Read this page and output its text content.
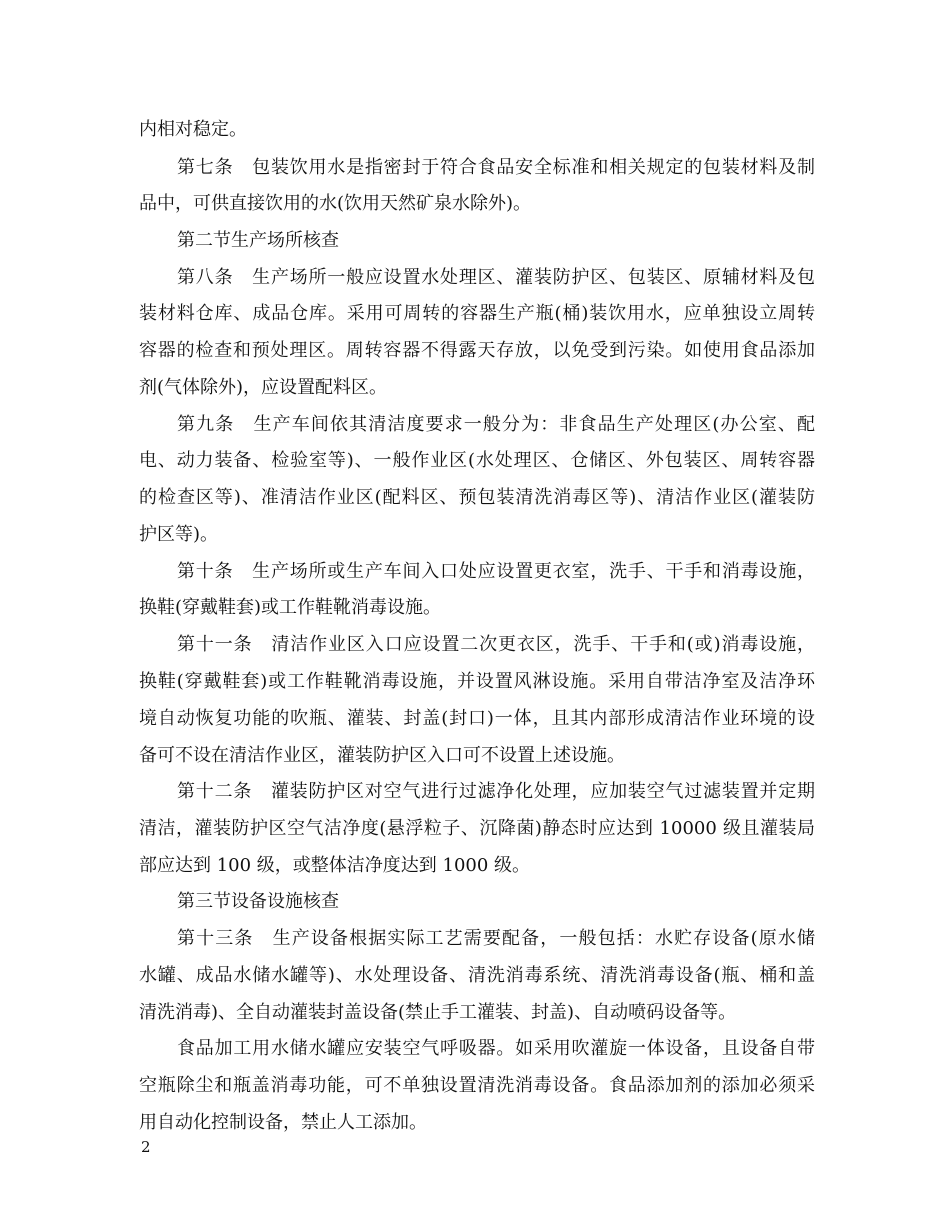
内相对稳定。
第七条　包装饮用水是指密封于符合食品安全标准和相关规定的包装材料及制
品中，可供直接饮用的水(饮用天然矿泉水除外)。
第二节生产场所核查
第八条　生产场所一般应设置水处理区、灌装防护区、包装区、原辅材料及包
装材料仓库、成品仓库。采用可周转的容器生产瓶(桶)装饮用水，应单独设立周转
容器的检查和预处理区。周转容器不得露天存放，以免受到污染。如使用食品添加
剂(气体除外)，应设置配料区。
第九条　生产车间依其清洁度要求一般分为：非食品生产处理区(办公室、配
电、动力装备、检验室等)、一般作业区(水处理区、仓储区、外包装区、周转容器
的检查区等)、准清洁作业区(配料区、预包装清洗消毒区等)、清洁作业区(灌装防
护区等)。
第十条　生产场所或生产车间入口处应设置更衣室，洗手、干手和消毒设施，
换鞋(穿戴鞋套)或工作鞋靴消毒设施。
第十一条　清洁作业区入口应设置二次更衣区，洗手、干手和(或)消毒设施，
换鞋(穿戴鞋套)或工作鞋靴消毒设施，并设置风淋设施。采用自带洁净室及洁净环
境自动恢复功能的吹瓶、灌装、封盖(封口)一体，且其内部形成清洁作业环境的设
备可不设在清洁作业区，灌装防护区入口可不设置上述设施。
第十二条　灌装防护区对空气进行过滤净化处理，应加装空气过滤装置并定期
清洁，灌装防护区空气洁净度(悬浮粒子、沉降菌)静态时应达到 10000 级且灌装局
部应达到 100 级，或整体洁净度达到 1000 级。
第三节设备设施核查
第十三条　生产设备根据实际工艺需要配备，一般包括：水贮存设备(原水储
水罐、成品水储水罐等)、水处理设备、清洗消毒系统、清洗消毒设备(瓶、桶和盖
清洗消毒)、全自动灌装封盖设备(禁止手工灌装、封盖)、自动喷码设备等。
食品加工用水储水罐应安装空气呼吸器。如采用吹灌旋一体设备，且设备自带
空瓶除尘和瓶盖消毒功能，可不单独设置清洗消毒设备。食品添加剂的添加必须采
用自动化控制设备，禁止人工添加。
2
